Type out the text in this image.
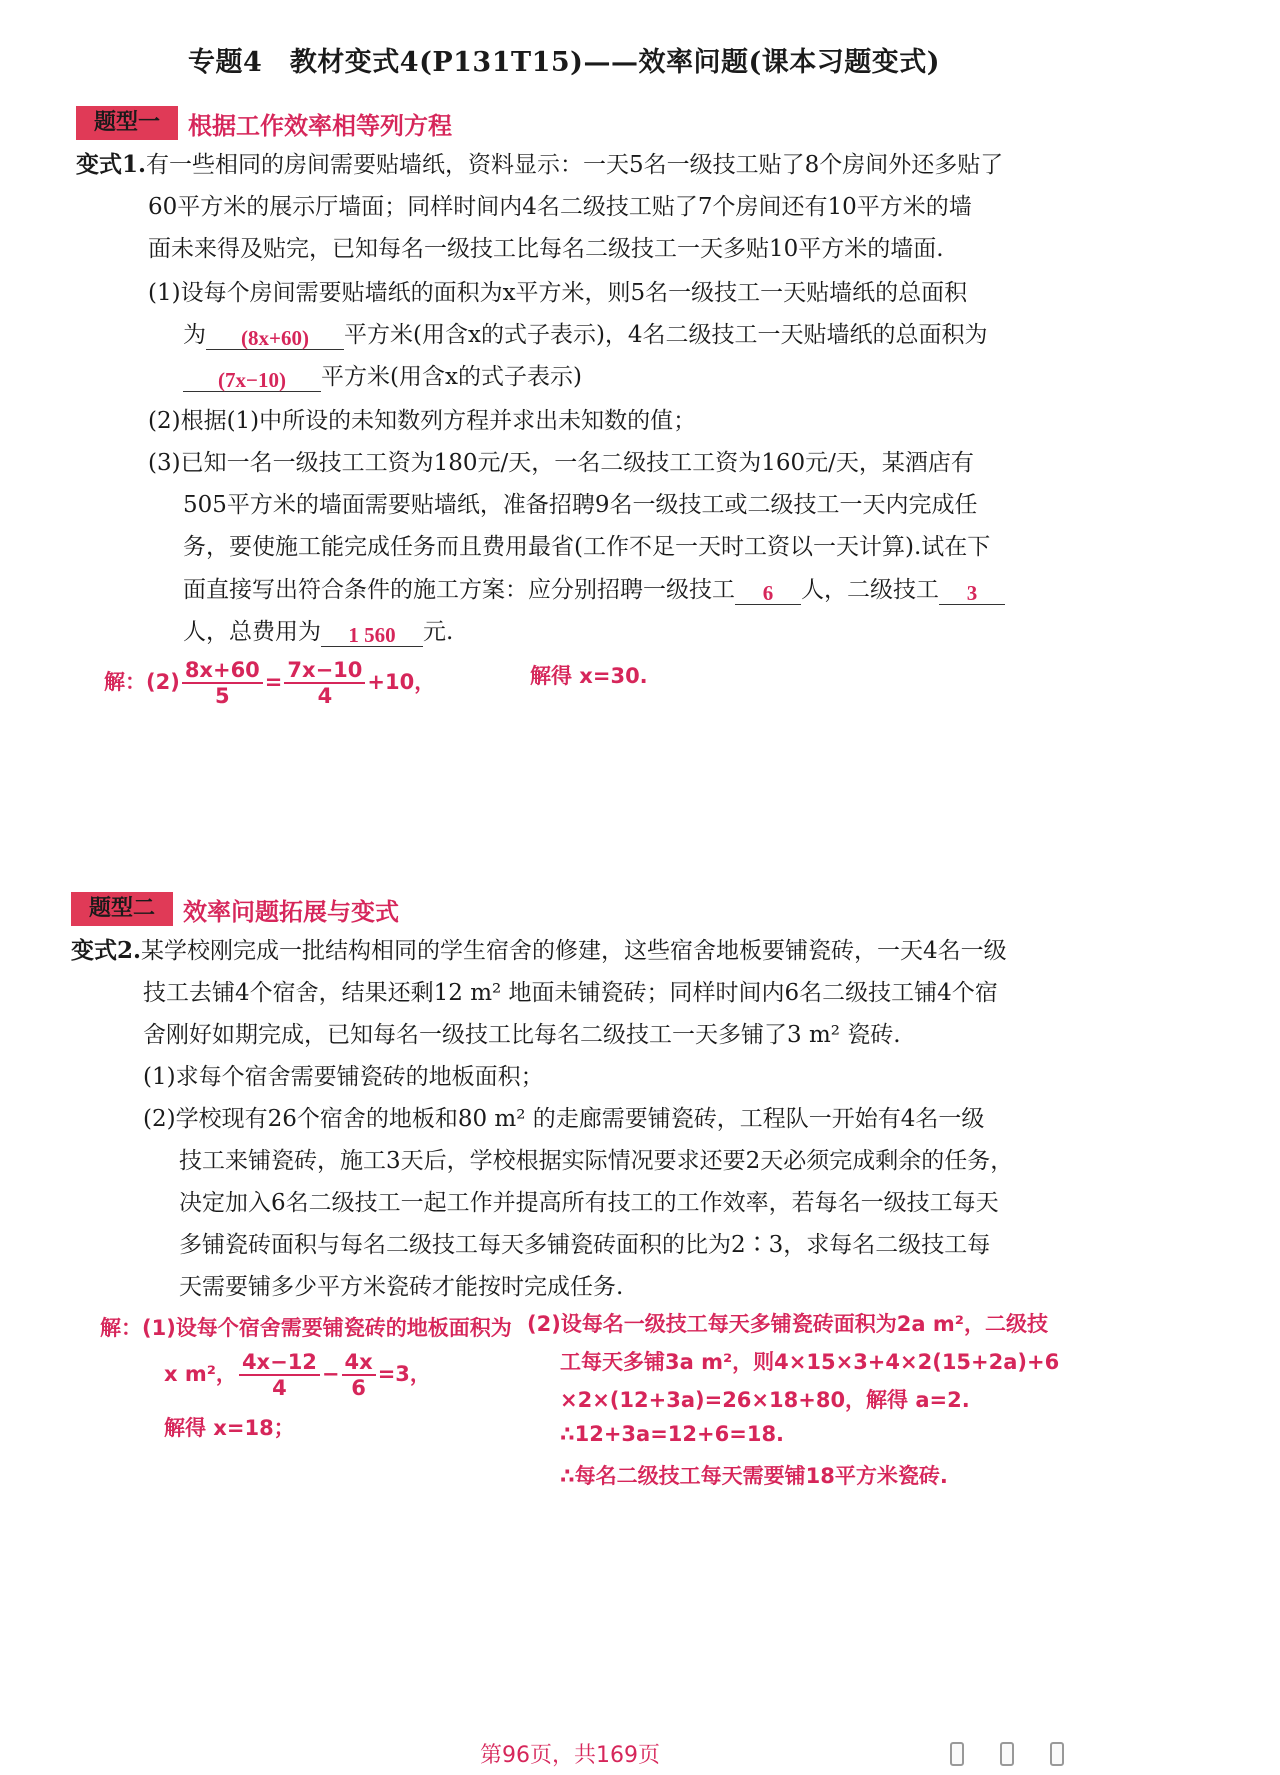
专题4　教材变式4(P131T15)——效率问题(课本习题变式)
题型一	根据工作效率相等列方程
变式1.有一些相同的房间需要贴墙纸，资料显示：一天5名一级技工贴了8个房间外还多贴了
60平方米的展示厅墙面；同样时间内4名二级技工贴了7个房间还有10平方米的墙
面未来得及贴完，已知每名一级技工比每名二级技工一天多贴10平方米的墙面.
(1)设每个房间需要贴墙纸的面积为x平方米，则5名一级技工一天贴墙纸的总面积
为 (8x+60) 平方米(用含x的式子表示)，4名二级技工一天贴墙纸的总面积为
(7x−10) 平方米(用含x的式子表示)
(2)根据(1)中所设的未知数列方程并求出未知数的值；
(3)已知一名一级技工工资为180元/天，一名二级技工工资为160元/天，某酒店有
505平方米的墙面需要贴墙纸，准备招聘9名一级技工或二级技工一天内完成任
务，要使施工能完成任务而且费用最省(工作不足一天时工资以一天计算).试在下
面直接写出符合条件的施工方案：应分别招聘一级技工 6 人，二级技工 3
人，总费用为 1 560 元.
解：$(2) \frac{8x+60}{5} = \frac{7x-10}{4} +10$，	解得 x=30.
题型二	效率问题拓展与变式
变式2.某学校刚完成一批结构相同的学生宿舍的修建，这些宿舍地板要铺瓷砖，一天4名一级
技工去铺4个宿舍，结果还剩12 m² 地面未铺瓷砖；同样时间内6名二级技工铺4个宿
舍刚好如期完成，已知每名一级技工比每名二级技工一天多铺了3 m² 瓷砖.
(1)求每个宿舍需要铺瓷砖的地板面积；
(2)学校现有26个宿舍的地板和80 m² 的走廊需要铺瓷砖，工程队一开始有4名一级
技工来铺瓷砖，施工3天后，学校根据实际情况要求还要2天必须完成剩余的任务，
决定加入6名二级技工一起工作并提高所有技工的工作效率，若每名一级技工每天
多铺瓷砖面积与每名二级技工每天多铺瓷砖面积的比为2∶3，求每名二级技工每
天需要铺多少平方米瓷砖才能按时完成任务.
解：(1)设每个宿舍需要铺瓷砖的地板面积为
x m²， $\frac{4x-12}{4} - \frac{4x}{6} =3$，
解得 x=18；
(2)设每名一级技工每天多铺瓷砖面积为2a m²，二级技
工每天多铺3a m²，则4×15×3+4×2(15+2a)+6
×2×(12+3a)=26×18+80，解得 a=2.
∴12+3a=12+6=18.
∴每名二级技工每天需要铺18平方米瓷砖.
第96页，共169页
